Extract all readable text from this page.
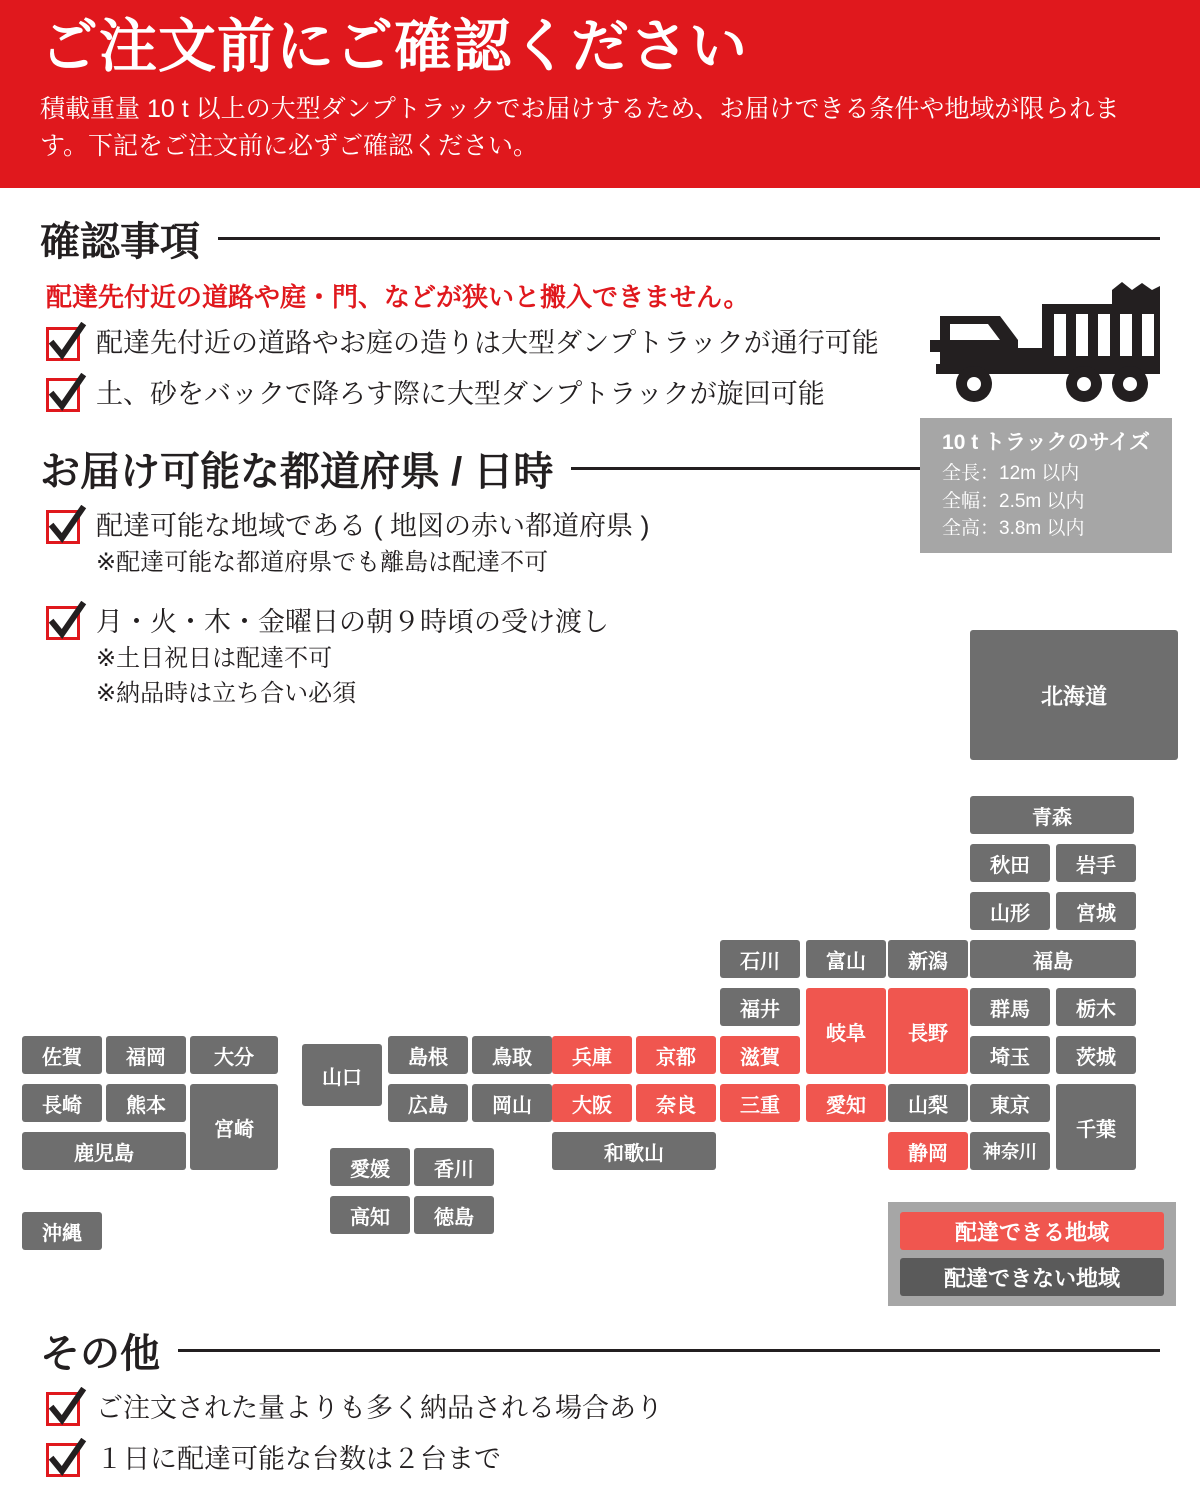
ご注文前にご確認ください
積載重量 10 t 以上の大型ダンプトラックでお届けするため、お届けできる条件や地域が限られます。下記をご注文前に必ずご確認ください。
確認事項
配達先付近の道路や庭・門、などが狭いと搬入できません。
配達先付近の道路やお庭の造りは大型ダンプトラックが通行可能
土、砂をバックで降ろす際に大型ダンプトラックが旋回可能
10 t トラックのサイズ
全長：12m 以内
全幅：2.5m 以内
全高：3.8m 以内
お届け可能な都道府県 / 日時
配達可能な地域である ( 地図の赤い都道府県 )
※配達可能な都道府県でも離島は配達不可
月・火・木・金曜日の朝９時頃の受け渡し
※土日祝日は配達不可
※納品時は立ち合い必須	北海道
青森
秋田	岩手
山形	宮城
福島
石川	富山	新潟
福井
岐阜	長野
群馬	栃木
埼玉	茨城
兵庫	京都	滋賀
島根	鳥取
佐賀	福岡	大分
山口
広島	岡山	大阪	奈良	三重	愛知	山梨	東京
千葉
長崎	熊本
宮崎
鹿児島	和歌山	静岡	神奈川
愛媛	香川
高知	徳島
沖縄	配達できる地域
配達できない地域
その他
ご注文された量よりも多く納品される場合あり
１日に配達可能な台数は２台まで
